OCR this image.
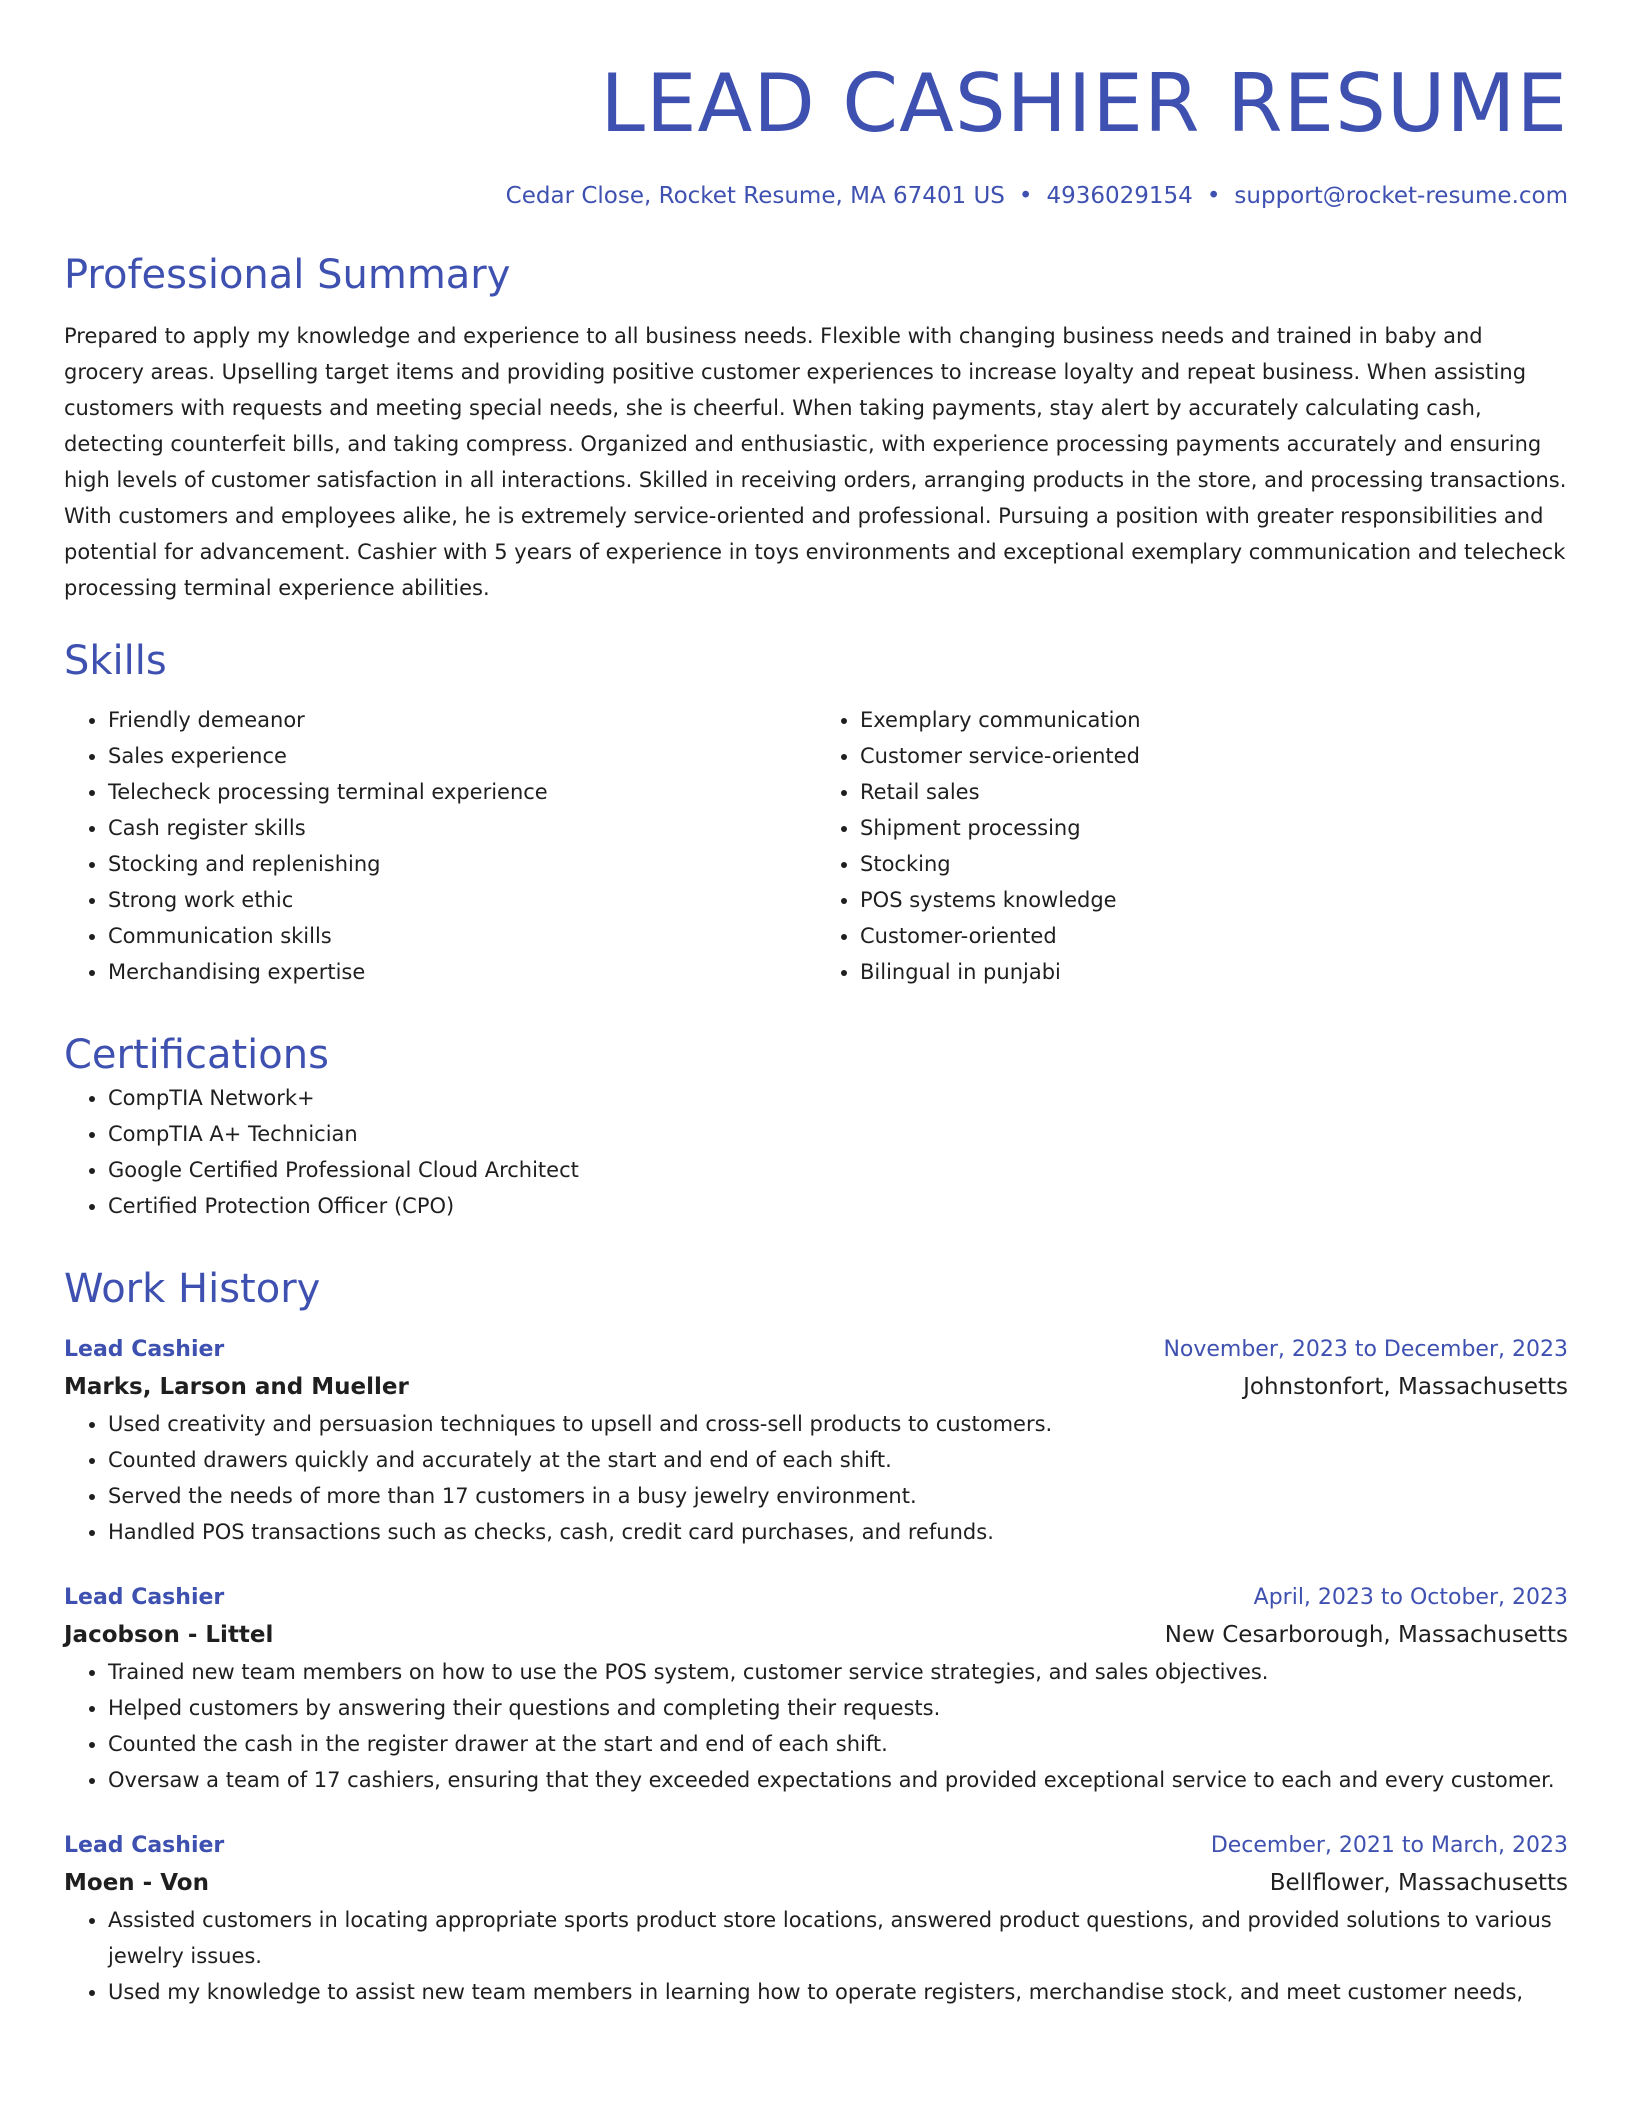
LEAD CASHIER RESUME
Cedar Close, Rocket Resume, MA 67401 US • 4936029154 • support@rocket-resume.com
Professional Summary
Prepared to apply my knowledge and experience to all business needs. Flexible with changing business needs and trained in baby and grocery areas. Upselling target items and providing positive customer experiences to increase loyalty and repeat business. When assisting customers with requests and meeting special needs, she is cheerful. When taking payments, stay alert by accurately calculating cash, detecting counterfeit bills, and taking compress. Organized and enthusiastic, with experience processing payments accurately and ensuring high levels of customer satisfaction in all interactions. Skilled in receiving orders, arranging products in the store, and processing transactions. With customers and employees alike, he is extremely service-oriented and professional. Pursuing a position with greater responsibilities and potential for advancement. Cashier with 5 years of experience in toys environments and exceptional exemplary communication and telecheck processing terminal experience abilities.
Skills
• Friendly demeanor
• Sales experience
• Telecheck processing terminal experience
• Cash register skills
• Stocking and replenishing
• Strong work ethic
• Communication skills
• Merchandising expertise
• Exemplary communication
• Customer service-oriented
• Retail sales
• Shipment processing
• Stocking
• POS systems knowledge
• Customer-oriented
• Bilingual in punjabi
Certifications
• CompTIA Network+
• CompTIA A+ Technician
• Google Certified Professional Cloud Architect
• Certified Protection Officer (CPO)
Work History
Lead Cashier	November, 2023 to December, 2023
Marks, Larson and Mueller	Johnstonfort, Massachusetts
• Used creativity and persuasion techniques to upsell and cross-sell products to customers.
• Counted drawers quickly and accurately at the start and end of each shift.
• Served the needs of more than 17 customers in a busy jewelry environment.
• Handled POS transactions such as checks, cash, credit card purchases, and refunds.
Lead Cashier	April, 2023 to October, 2023
Jacobson - Littel	New Cesarborough, Massachusetts
• Trained new team members on how to use the POS system, customer service strategies, and sales objectives.
• Helped customers by answering their questions and completing their requests.
• Counted the cash in the register drawer at the start and end of each shift.
• Oversaw a team of 17 cashiers, ensuring that they exceeded expectations and provided exceptional service to each and every customer.
Lead Cashier	December, 2021 to March, 2023
Moen - Von	Bellflower, Massachusetts
• Assisted customers in locating appropriate sports product store locations, answered product questions, and provided solutions to various jewelry issues.
• Used my knowledge to assist new team members in learning how to operate registers, merchandise stock, and meet customer needs,
